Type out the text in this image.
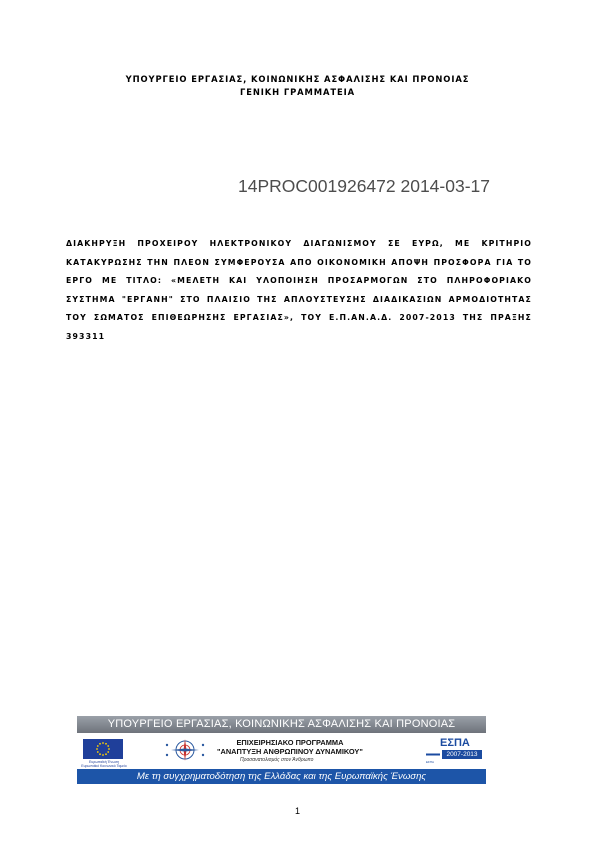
ΥΠΟΥΡΓΕΙΟ ΕΡΓΑΣΙΑΣ, ΚΟΙΝΩΝΙΚΗΣ ΑΣΦΑΛΙΣΗΣ ΚΑΙ ΠΡΟΝΟΙΑΣ
ΓΕΝΙΚΗ ΓΡΑΜΜΑΤΕΙΑ
14PROC001926472 2014-03-17
ΔΙΑΚΗΡΥΞΗ ΠΡΟΧΕΙΡΟΥ ΗΛΕΚΤΡΟΝΙΚΟΥ ΔΙΑΓΩΝΙΣΜΟΥ ΣΕ ΕΥΡΩ, ΜΕ ΚΡΙΤΗΡΙΟ ΚΑΤΑΚΥΡΩΣΗΣ ΤΗΝ ΠΛΕΟΝ ΣΥΜΦΕΡΟΥΣΑ ΑΠΟ ΟΙΚΟΝΟΜΙΚΗ ΑΠΟΨΗ ΠΡΟΣΦΟΡΑ ΓΙΑ ΤΟ ΕΡΓΟ ΜΕ ΤΙΤΛΟ: «ΜΕΛΕΤΗ ΚΑΙ ΥΛΟΠΟΙΗΣΗ ΠΡΟΣΑΡΜΟΓΩΝ ΣΤΟ ΠΛΗΡΟΦΟΡΙΑΚΟ ΣΥΣΤΗΜΑ "ΕΡΓΑΝΗ" ΣΤΟ ΠΛΑΙΣΙΟ ΤΗΣ ΑΠΛΟΥΣΤΕΥΣΗΣ ΔΙΑΔΙΚΑΣΙΩΝ ΑΡΜΟΔΙΟΤΗΤΑΣ ΤΟΥ ΣΩΜΑΤΟΣ ΕΠΙΘΕΩΡΗΣΗΣ ΕΡΓΑΣΙΑΣ», ΤΟΥ Ε.Π.ΑΝ.Α.Δ. 2007-2013 ΤΗΣ ΠΡΑΞΗΣ 393311
ΥΠΟΥΡΓΕΙΟ ΕΡΓΑΣΙΑΣ, ΚΟΙΝΩΝΙΚΗΣ ΑΣΦΑΛΙΣΗΣ ΚΑΙ ΠΡΟΝΟΙΑΣ
Ευρωπαϊκή Ένωση
Ευρωπαϊκό Κοινωνικό Ταμείο
ΕΠΙΧΕΙΡΗΣΙΑΚΟ ΠΡΟΓΡΑΜΜΑ
"ΑΝΑΠΤΥΞΗ ΑΝΘΡΩΠΙΝΟΥ ΔΥΝΑΜΙΚΟΥ"
Προσανατολισμός στον Άνθρωπο
ΕΣΠΑ
2007-2013
ΕΣΠΑ
Με τη συγχρηματοδότηση της Ελλάδας και της Ευρωπαϊκής Ένωσης
1
